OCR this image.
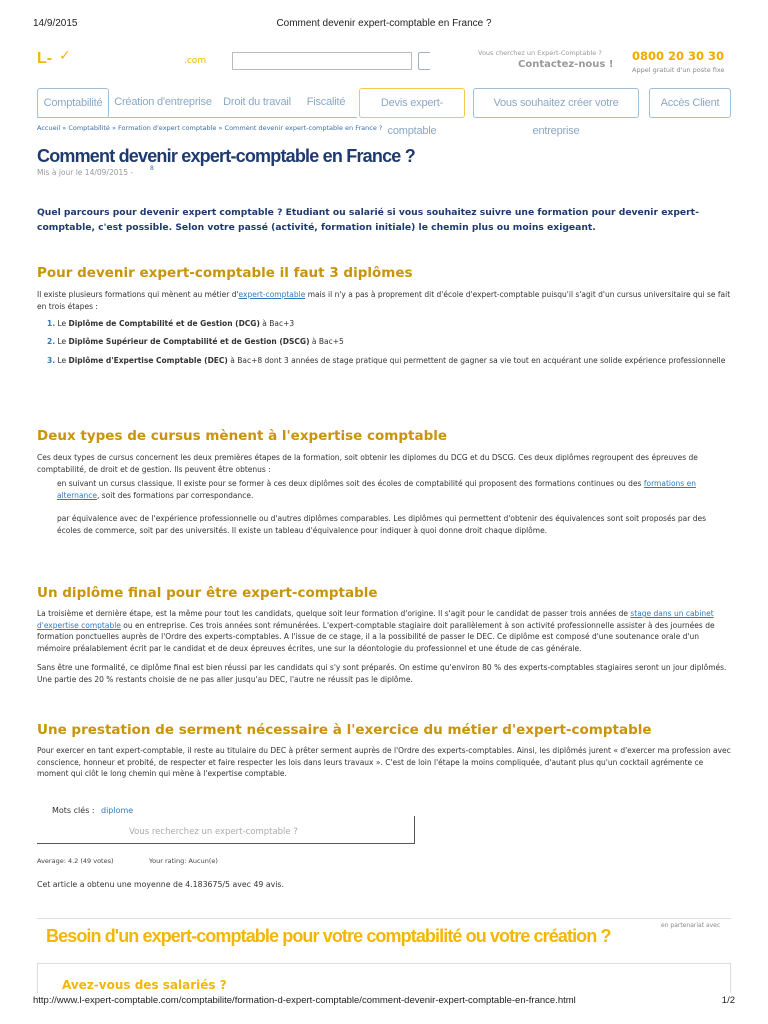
14/9/2015	Comment devenir expert-comptable en France ?
L- ✓	.com
Vous cherchez un Expert-Comptable ?
Contactez-nous !
0800 20 30 30
Appel gratuit d'un poste fixe
Comptabilité	Création d'entreprise	Droit du travail	Fiscalité	Devis expert-comptable
Vous souhaitez créer votre entreprise
Accès Client
Accueil » Comptabilité » Formation d'expert comptable » Comment devenir expert-comptable en France ?
Comment devenir expert-comptable en France ?
Mis à jour le 14/09/2015 -	8
Quel parcours pour devenir expert comptable ? Etudiant ou salarié si vous souhaitez suivre une formation pour devenir expert-comptable, c'est possible. Selon votre passé (activité, formation initiale) le chemin plus ou moins exigeant.
Pour devenir expert-comptable il faut 3 diplômes
Il existe plusieurs formations qui mènent au métier d'expert-comptable mais il n'y a pas à proprement dit d'école d'expert-comptable puisqu'il s'agit d'un cursus universitaire qui se fait en trois étapes :
1. Le Diplôme de Comptabilité et de Gestion (DCG) à Bac+3
2. Le Diplôme Supérieur de Comptabilité et de Gestion (DSCG) à Bac+5
3. Le Diplôme d'Expertise Comptable (DEC) à Bac+8 dont 3 années de stage pratique qui permettent de gagner sa vie tout en acquérant une solide expérience professionnelle
Deux types de cursus mènent à l'expertise comptable
Ces deux types de cursus concernent les deux premières étapes de la formation, soit obtenir les diplomes du DCG et du DSCG. Ces deux diplômes regroupent des épreuves de comptabilité, de droit et de gestion. Ils peuvent être obtenus :
en suivant un cursus classique. Il existe pour se former à ces deux diplômes soit des écoles de comptabilité qui proposent des formations continues ou des formations en alternance, soit des formations par correspondance.
par équivalence avec de l'expérience professionnelle ou d'autres diplômes comparables. Les diplômes qui permettent d'obtenir des équivalences sont soit proposés par des écoles de commerce, soit par des universités. Il existe un tableau d'équivalence pour indiquer à quoi donne droit chaque diplôme.
Un diplôme final pour être expert-comptable
La troisième et dernière étape, est la même pour tout les candidats, quelque soit leur formation d'origine. Il s'agit pour le candidat de passer trois années de stage dans un cabinet d'expertise comptable ou en entreprise. Ces trois années sont rémunérées. L'expert-comptable stagiaire doit parallèlement à son activité professionnelle assister à des journées de formation ponctuelles auprès de l'Ordre des experts-comptables. A l'issue de ce stage, il a la possibilité de passer le DEC. Ce diplôme est composé d'une soutenance orale d'un mémoire préalablement écrit par le candidat et de deux épreuves écrites, une sur la déontologie du professionnel et une étude de cas générale.
Sans être une formalité, ce diplôme final est bien réussi par les candidats qui s'y sont préparés. On estime qu'environ 80 % des experts-comptables stagiaires seront un jour diplômés. Une partie des 20 % restants choisie de ne pas aller jusqu'au DEC, l'autre ne réussit pas le diplôme.
Une prestation de serment nécessaire à l'exercice du métier d'expert-comptable
Pour exercer en tant expert-comptable, il reste au titulaire du DEC à prêter serment auprès de l'Ordre des experts-comptables. Ainsi, les diplômés jurent « d'exercer ma profession avec conscience, honneur et probité, de respecter et faire respecter les lois dans leurs travaux ». C'est de loin l'étape la moins compliquée, d'autant plus qu'un cocktail agrémente ce moment qui clôt le long chemin qui mène à l'expertise comptable.
Mots clés : diplome
Vous recherchez un expert-comptable ?
Average: 4.2 (49 votes)	Your rating: Aucun(e)
Cet article a obtenu une moyenne de 4.183675/5 avec 49 avis.
en partenariat avec
Besoin d'un expert-comptable pour votre comptabilité ou votre création ?
Avez-vous des salariés ?
http://www.l-expert-comptable.com/comptabilite/formation-d-expert-comptable/comment-devenir-expert-comptable-en-france.html	1/2
